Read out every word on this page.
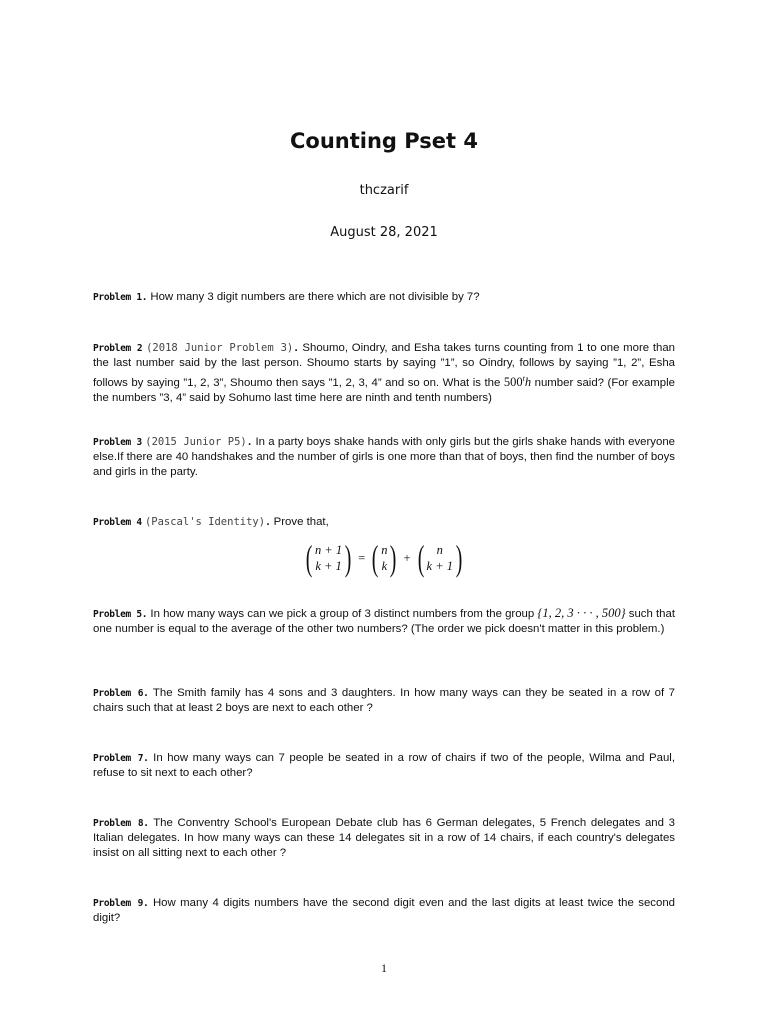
Counting Pset 4
thczarif
August 28, 2021
Problem 1. How many 3 digit numbers are there which are not divisible by 7?
Problem 2 (2018 Junior Problem 3). Shoumo, Oindry, and Esha takes turns counting from 1 to one more than the last number said by the last person. Shoumo starts by saying ”1”, so Oindry, follows by saying ”1, 2”, Esha follows by saying ”1, 2, 3”, Shoumo then says ”1, 2, 3, 4” and so on. What is the 500$^t$h number said? (For example the numbers ”3, 4” said by Sohumo last time here are ninth and tenth numbers)
Problem 3 (2015 Junior P5). In a party boys shake hands with only girls but the girls shake hands with everyone else.If there are 40 handshakes and the number of girls is one more than that of boys, then find the number of boys and girls in the party.
Problem 4 (Pascal's Identity). Prove that,
( n + 1
k + 1 ) = ( n
k ) + ( n
k + 1 )
Problem 5. In how many ways can we pick a group of 3 distinct numbers from the group {1, 2, 3 · · · , 500} such that one number is equal to the average of the other two numbers? (The order we pick doesn't matter in this problem.)
Problem 6. The Smith family has 4 sons and 3 daughters. In how many ways can they be seated in a row of 7 chairs such that at least 2 boys are next to each other ?
Problem 7. In how many ways can 7 people be seated in a row of chairs if two of the people, Wilma and Paul, refuse to sit next to each other?
Problem 8. The Conventry School's European Debate club has 6 German delegates, 5 French delegates and 3 Italian delegates. In how many ways can these 14 delegates sit in a row of 14 chairs, if each country's delegates insist on all sitting next to each other ?
Problem 9. How many 4 digits numbers have the second digit even and the last digits at least twice the second digit?
1
